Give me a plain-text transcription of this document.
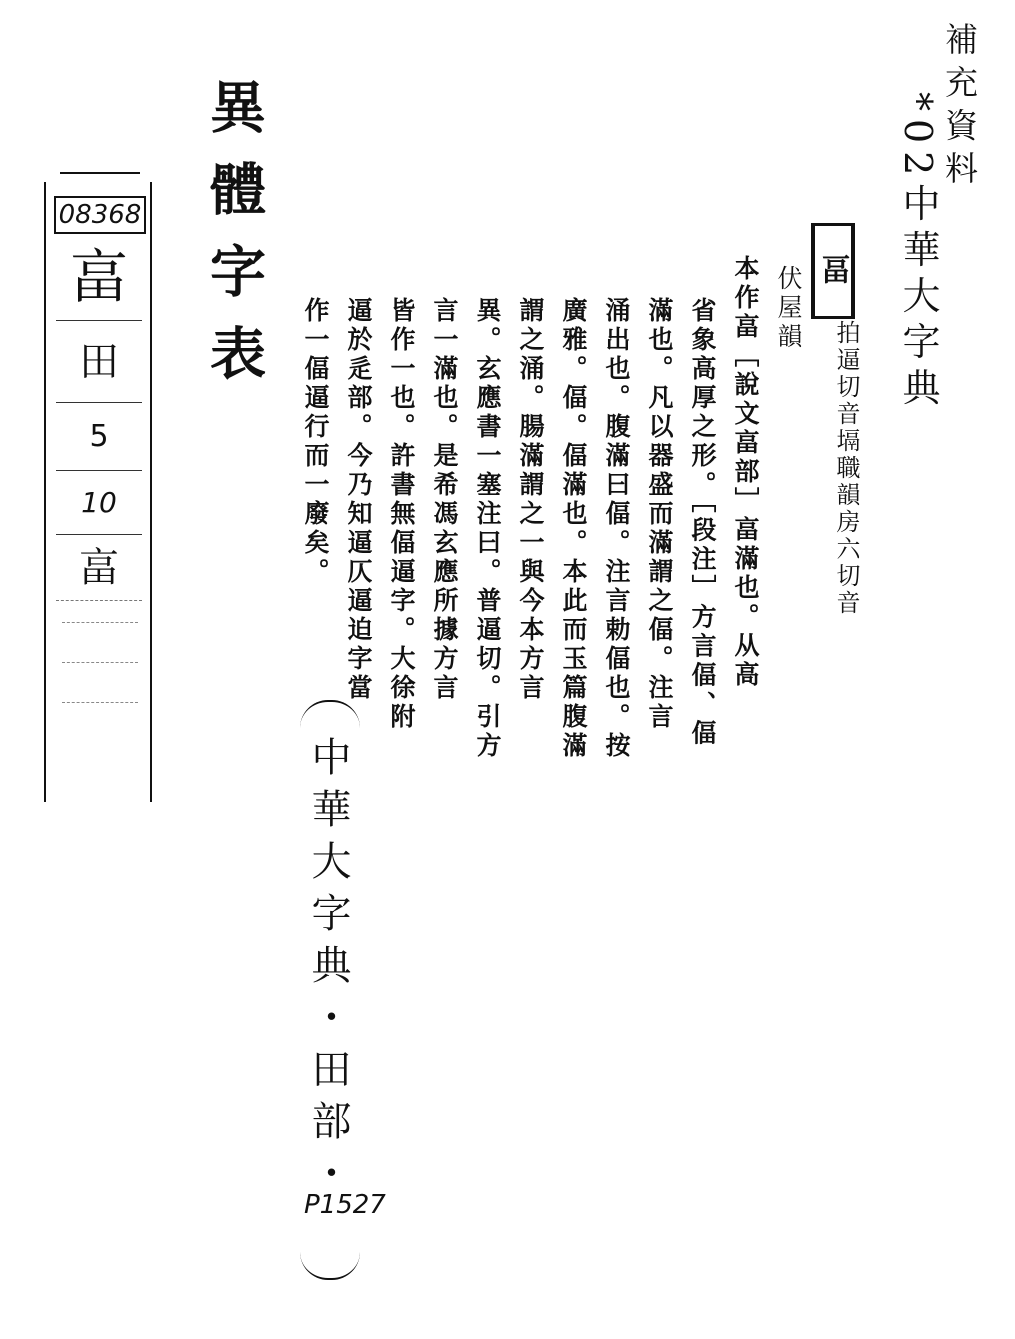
補充資料
*02中華大字典
異體字表
08368
畗
田
5
10
畗
畐
拍逼切音塥職韻房六切音
伏屋韻
本作畗［說文畗部］畗滿也。从高
省象高厚之形。［段注］方言偪、偪
滿也。凡以器盛而滿謂之偪。注言
涌出也。腹滿曰偪。注言勅偪也。按
廣雅。偪。偪滿也。本此而玉篇腹滿
謂之涌。腸滿謂之一與今本方言
異。玄應書一塞注曰。普逼切。引方
言一滿也。是希馮玄應所據方言
皆作一也。許書無偪逼字。大徐附
逼於辵部。今乃知逼仄逼迫字當
作一偪逼行而一廢矣。
中華大字典・田部・
P1527
